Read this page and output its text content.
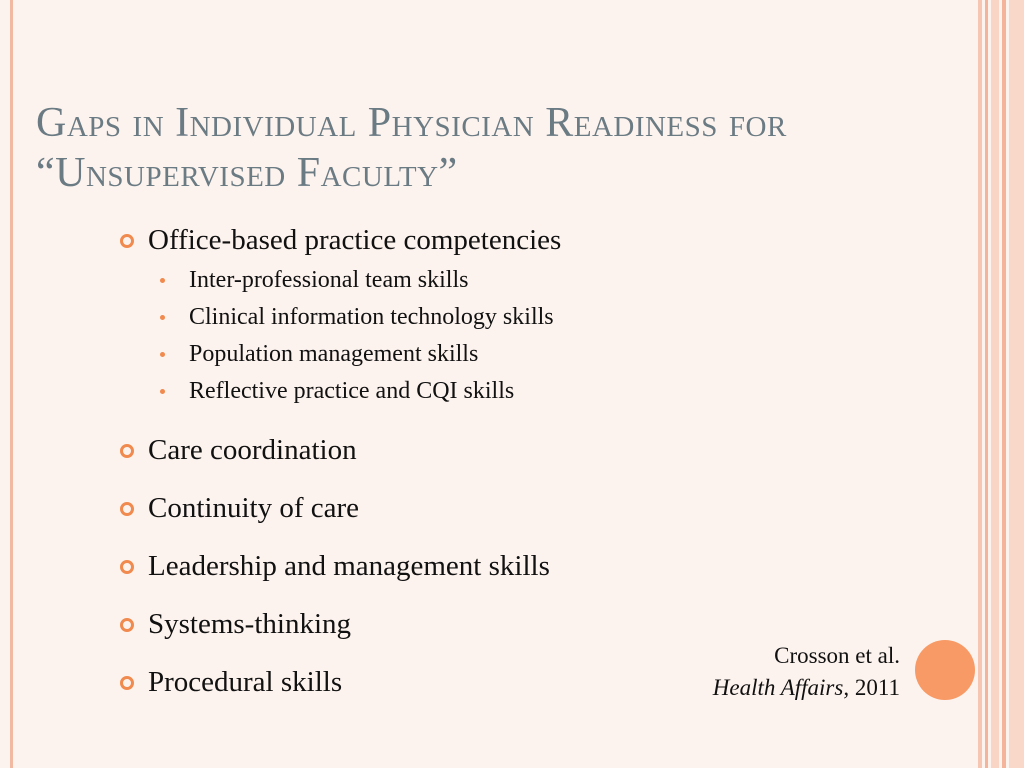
Gaps in Individual Physician Readiness for
“Unsupervised Faculty”
Office-based practice competencies
Inter-professional team skills
Clinical information technology skills
Population management skills
Reflective practice and CQI skills
Care coordination
Continuity of care
Leadership and management skills
Systems-thinking
Procedural skills
Crosson et al.
Health Affairs, 2011
